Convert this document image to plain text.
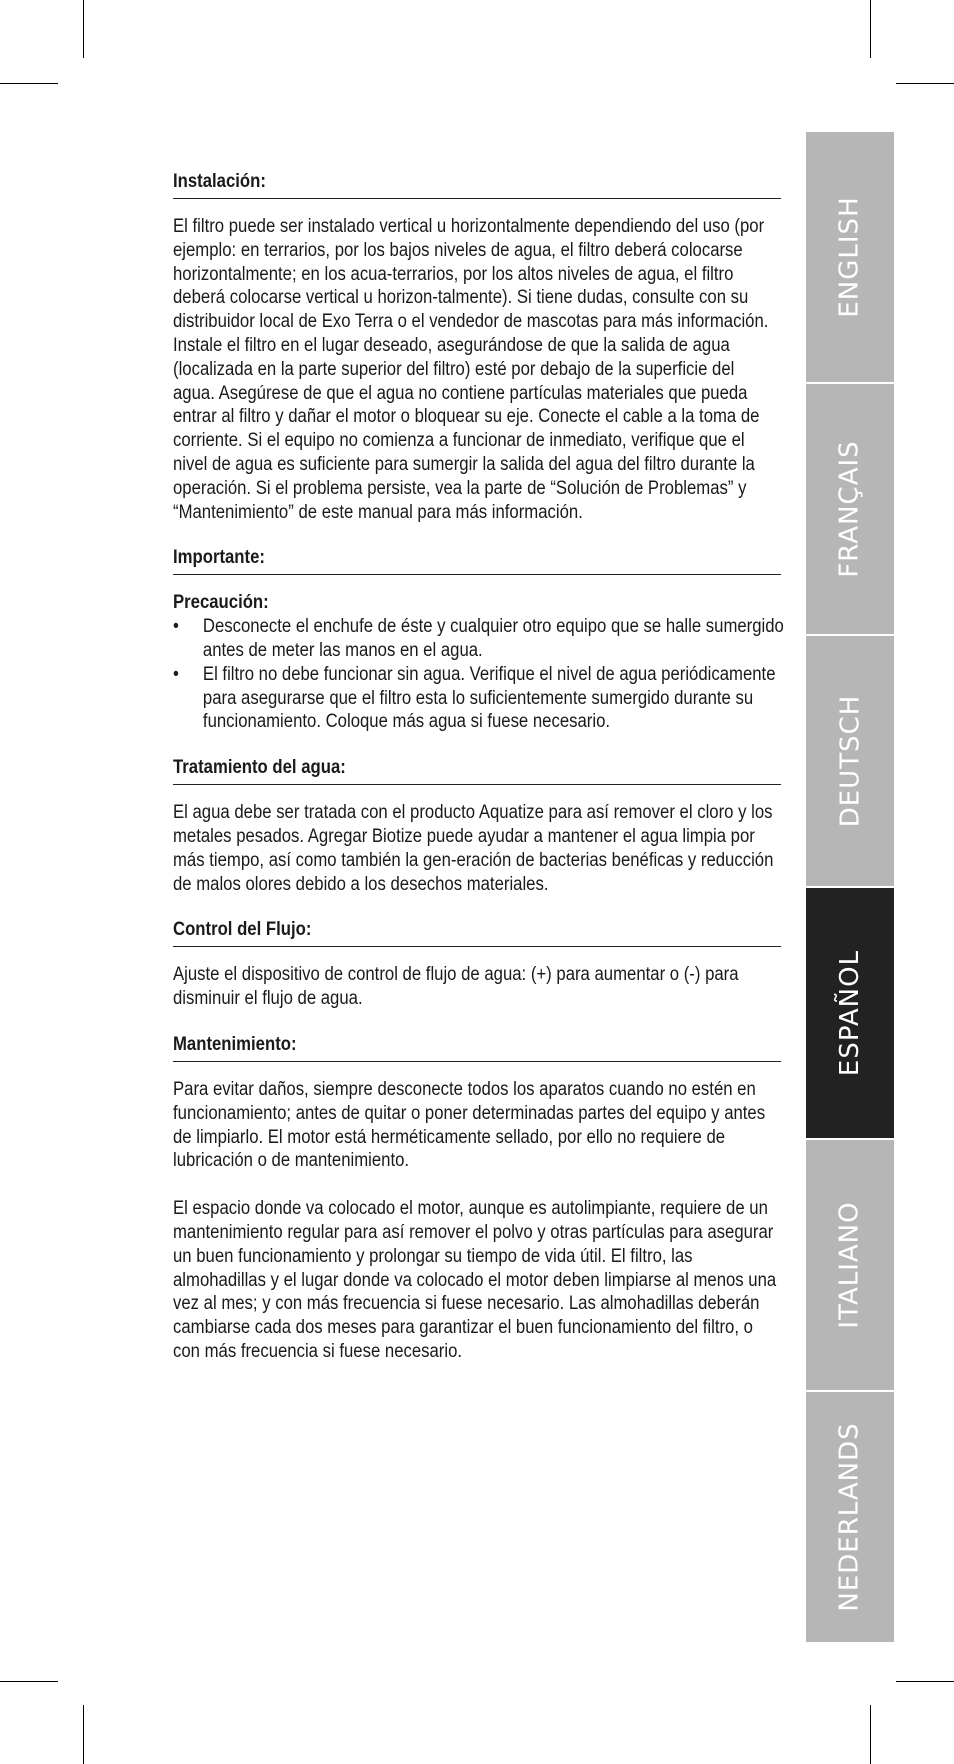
Instalación:

El filtro puede ser instalado vertical u horizontalmente dependiendo del uso (por ejemplo: en terrarios, por los bajos niveles de agua, el filtro deberá colocarse horizontalmente; en los acua-terrarios, por los altos niveles de agua, el filtro deberá colocarse vertical u horizon-talmente). Si tiene dudas, consulte con su distribuidor local de Exo Terra o el vendedor de mascotas para más información.

Instale el filtro en el lugar deseado, asegurándose de que la salida de agua (localizada en la parte superior del filtro) esté por debajo de la superficie del agua. Asegúrese de que el agua no contiene partículas materiales que pueda entrar al filtro y dañar el motor o bloquear su eje. Conecte el cable a la toma de corriente. Si el equipo no comienza a funcionar de inmediato, verifique que el nivel de agua es suficiente para sumergir la salida del agua del filtro durante la operación. Si el problema persiste, vea la parte de “Solución de Problemas” y “Mantenimiento” de este manual para más información.

Importante:

Precaución:

• Desconecte el enchufe de éste y cualquier otro equipo que se halle sumergido antes de meter las manos en el agua.
• El filtro no debe funcionar sin agua. Verifique el nivel de agua periódicamente para asegurarse que el filtro esta lo suficientemente sumergido durante su funcionamiento. Coloque más agua si fuese necesario.
Tratamiento del agua:

El agua debe ser tratada con el producto Aquatize para así remover el cloro y los metales pesados. Agregar Biotize puede ayudar a mantener el agua limpia por más tiempo, así como también la gen-eración de bacterias benéficas y reducción de malos olores debido a los desechos materiales.

Control del Flujo:

Ajuste el dispositivo de control de flujo de agua: (+) para aumentar o (-) para disminuir el flujo de agua.

Mantenimiento:

Para evitar daños, siempre desconecte todos los aparatos cuando no estén en funcionamiento; antes de quitar o poner determinadas partes del equipo y antes de limpiarlo. El motor está herméticamente sellado, por ello no requiere de lubricación o de mantenimiento.

El espacio donde va colocado el motor, aunque es autolimpiante, requiere de un mantenimiento regular para así remover el polvo y otras partículas para asegurar un buen funcionamiento y prolongar su tiempo de vida útil. El filtro, las almohadillas y el lugar donde va colocado el motor deben limpiarse al menos una vez al mes; y con más frecuencia si fuese necesario. Las almohadillas deberán cambiarse cada dos meses para garantizar el buen funcionamiento del filtro, o con más frecuencia si fuese necesario.

ENGLISH
FRANÇAIS
DEUTSCH
ESPAÑOL
ITALIANO
NEDERLANDS
